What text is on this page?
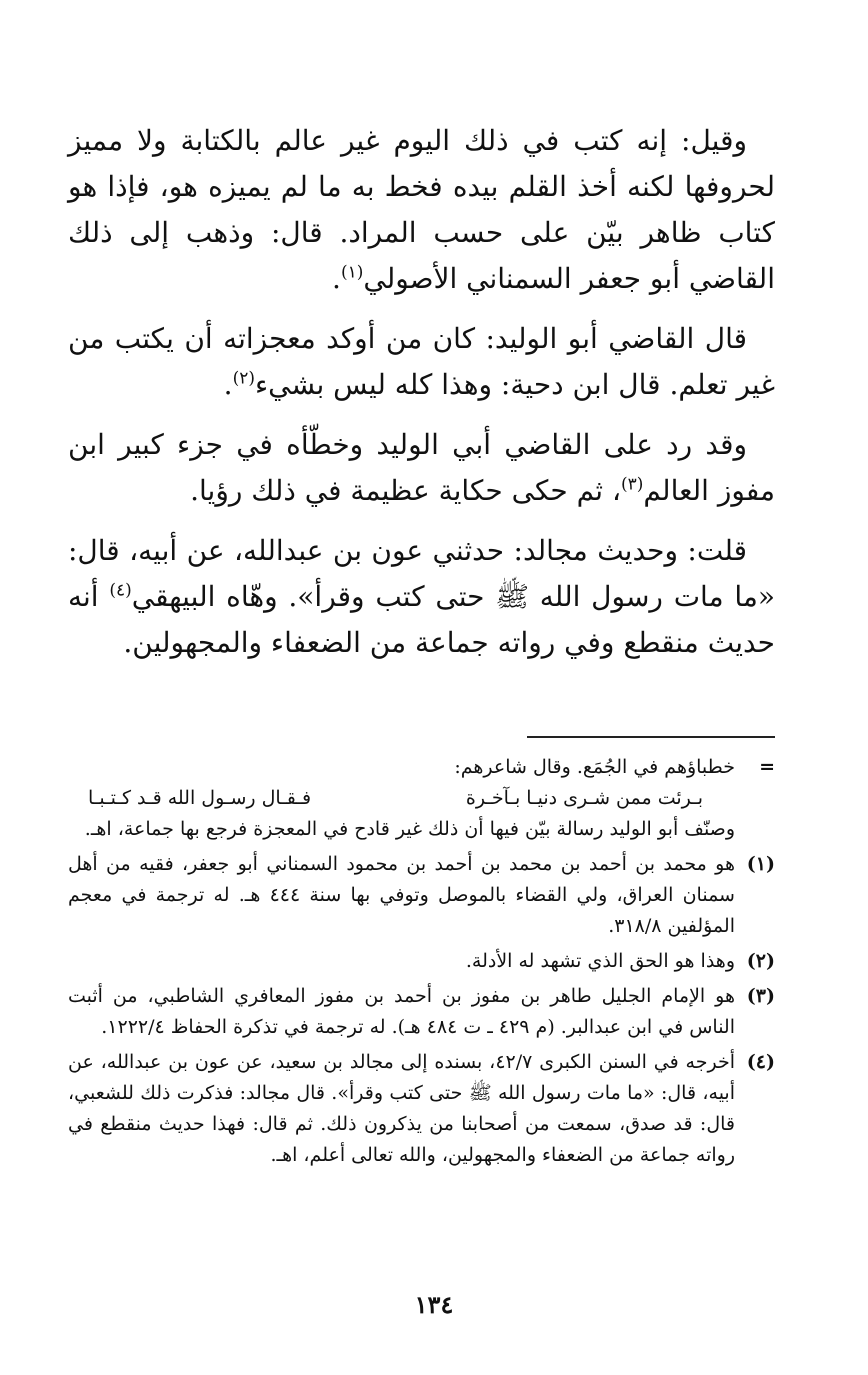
وقيل: إنه كتب في ذلك اليوم غير عالم بالكتابة ولا مميز لحروفها لكنه أخذ القلم بيده فخط به ما لم يميزه هو، فإذا هو كتاب ظاهر بيّن على حسب المراد. قال: وذهب إلى ذلك القاضي أبو جعفر السمناني الأصولي$^{(١)}$.

قال القاضي أبو الوليد: كان من أوكد معجزاته أن يكتب من غير تعلم. قال ابن دحية: وهذا كله ليس بشيء$^{(٢)}$.

وقد رد على القاضي أبي الوليد وخطّأه في جزء كبير ابن مفوز العالم$^{(٣)}$، ثم حكى حكاية عظيمة في ذلك رؤيا.

قلت: وحديث مجالد: حدثني عون بن عبدالله، عن أبيه، قال: «ما مات رسول الله ﷺ حتى كتب وقرأ». وهّاه البيهقي$^{(٤)}$ أنه حديث منقطع وفي رواته جماعة من الضعفاء والمجهولين.

=
خطباؤهم في الجُمَع. وقال شاعرهم:
بـرئت ممن شـرى دنيـا بـآخـرة
فـقـال رسـول الله قـد كـتـبـا
وصنّف أبو الوليد رسالة بيّن فيها أن ذلك غير قادح في المعجزة فرجع بها جماعة، اهـ.
(١)
هو محمد بن أحمد بن محمد بن أحمد بن محمود السمناني أبو جعفر، فقيه من أهل سمنان العراق، ولي القضاء بالموصل وتوفي بها سنة ٤٤٤ هـ. له ترجمة في معجم المؤلفين ٣١٨/٨.
(٢)
وهذا هو الحق الذي تشهد له الأدلة.
(٣)
هو الإمام الجليل طاهر بن مفوز بن أحمد بن مفوز المعافري الشاطبي، من أثبت الناس في ابن عبدالبر. (م ٤٢٩ ـ ت ٤٨٤ هـ). له ترجمة في تذكرة الحفاظ ١٢٢٢/٤.
(٤)
أخرجه في السنن الكبرى ٤٢/٧، بسنده إلى مجالد بن سعيد، عن عون بن عبدالله، عن أبيه، قال: «ما مات رسول الله ﷺ حتى كتب وقرأ». قال مجالد: فذكرت ذلك للشعبي، قال: قد صدق، سمعت من أصحابنا من يذكرون ذلك. ثم قال: فهذا حديث منقطع في رواته جماعة من الضعفاء والمجهولين، والله تعالى أعلم، اهـ.
١٣٤
